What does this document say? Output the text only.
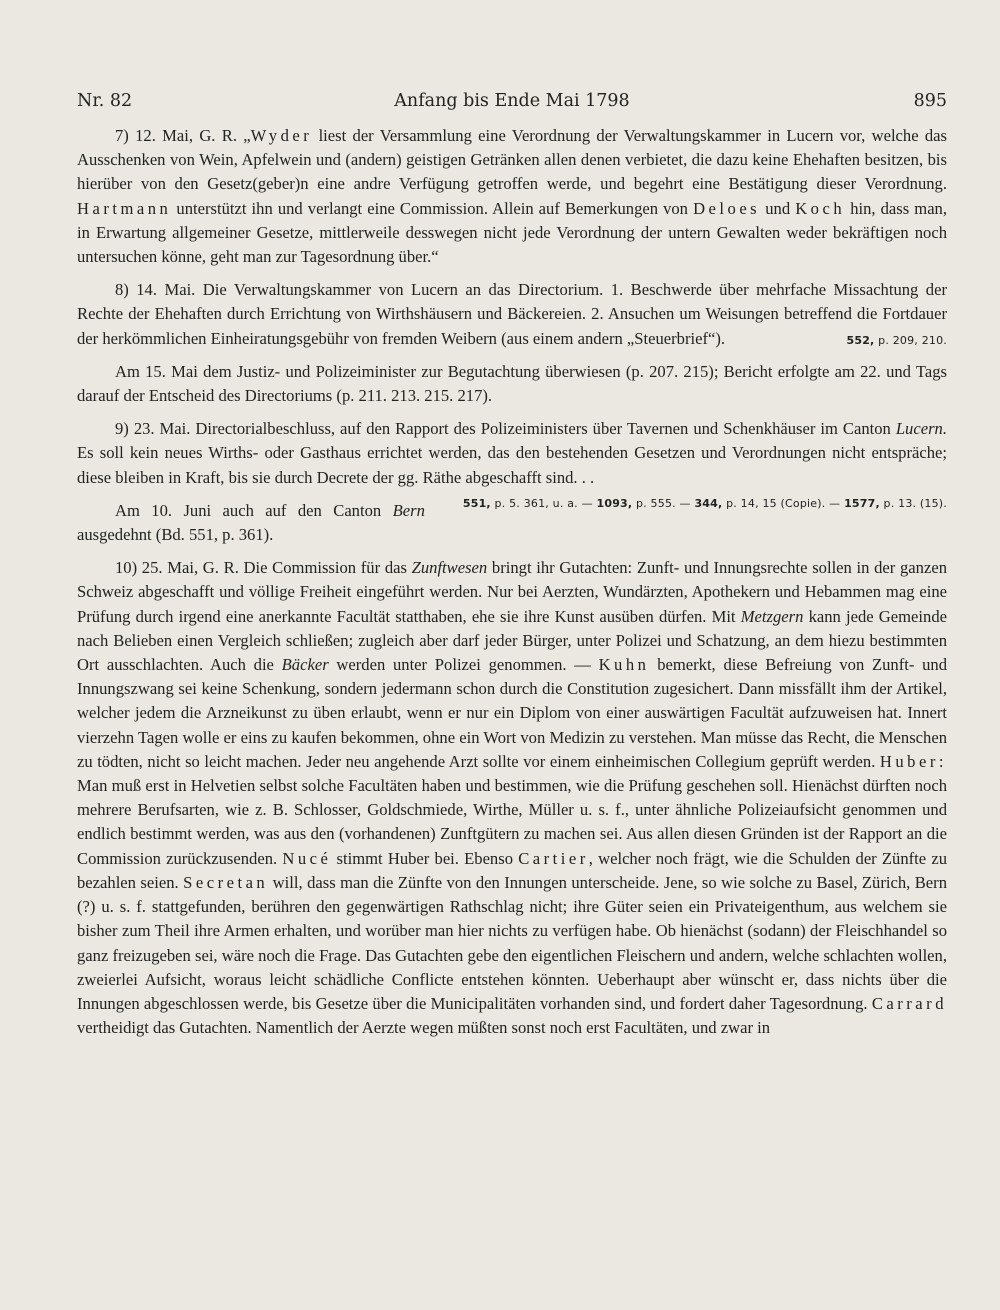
Nr. 82	Anfang bis Ende Mai 1798	895

7) 12. Mai, G. R. „Wyder liest der Versammlung eine Verordnung der Verwaltungskammer in Lucern vor, welche das Ausschenken von Wein, Apfelwein und (andern) geistigen Getränken allen denen verbietet, die dazu keine Ehehaften besitzen, bis hierüber von den Gesetz(geber)n eine andre Verfügung getroffen werde, und begehrt eine Bestätigung dieser Verordnung. Hartmann unterstützt ihn und verlangt eine Commission. Allein auf Bemerkungen von Deloes und Koch hin, dass man, in Erwartung allgemeiner Gesetze, mittlerweile desswegen nicht jede Verordnung der untern Gewalten weder bekräftigen noch untersuchen könne, geht man zur Tagesordnung über.“

8) 14. Mai. Die Verwaltungskammer von Lucern an das Directorium. 1. Beschwerde über mehrfache Missachtung der Rechte der Ehehaften durch Errichtung von Wirthshäusern und Bäckereien. 2. Ansuchen um Weisungen betreffend die Fortdauer der herkömmlichen Einheiratungsgebühr von fremden Weibern (aus einem andern „Steuerbrief“).	552, p. 209, 210.

Am 15. Mai dem Justiz- und Polizeiminister zur Begutachtung überwiesen (p. 207. 215); Bericht erfolgte am 22. und Tags darauf der Entscheid des Directoriums (p. 211. 213. 215. 217).

9) 23. Mai. Directorialbeschluss, auf den Rapport des Polizeiministers über Tavernen und Schenkhäuser im Canton Lucern. Es soll kein neues Wirths- oder Gasthaus errichtet werden, das den bestehenden Gesetzen und Verordnungen nicht entspräche; diese bleiben in Kraft, bis sie durch Decrete der gg. Räthe abgeschafft sind. . .
551, p. 5. 361, u. a. — 1093, p. 555. — 344, p. 14, 15 (Copie). — 1577, p. 13. (15).

Am 10. Juni auch auf den Canton Bern ausgedehnt (Bd. 551, p. 361).

10) 25. Mai, G. R. Die Commission für das Zunftwesen bringt ihr Gutachten: Zunft- und Innungsrechte sollen in der ganzen Schweiz abgeschafft und völlige Freiheit eingeführt werden. Nur bei Aerzten, Wundärzten, Apothekern und Hebammen mag eine Prüfung durch irgend eine anerkannte Facultät statthaben, ehe sie ihre Kunst ausüben dürfen. Mit Metzgern kann jede Gemeinde nach Belieben einen Vergleich schließen; zugleich aber darf jeder Bürger, unter Polizei und Schatzung, an dem hiezu bestimmten Ort ausschlachten. Auch die Bäcker werden unter Polizei genommen. — Kuhn bemerkt, diese Befreiung von Zunft- und Innungszwang sei keine Schenkung, sondern jedermann schon durch die Constitution zugesichert. Dann missfällt ihm der Artikel, welcher jedem die Arzneikunst zu üben erlaubt, wenn er nur ein Diplom von einer auswärtigen Facultät aufzuweisen hat. Innert vierzehn Tagen wolle er eins zu kaufen bekommen, ohne ein Wort von Medizin zu verstehen. Man müsse das Recht, die Menschen zu tödten, nicht so leicht machen. Jeder neu angehende Arzt sollte vor einem einheimischen Collegium geprüft werden. Huber: Man muß erst in Helvetien selbst solche Facultäten haben und bestimmen, wie die Prüfung geschehen soll. Hienächst dürften noch mehrere Berufsarten, wie z. B. Schlosser, Goldschmiede, Wirthe, Müller u. s. f., unter ähnliche Polizeiaufsicht genommen und endlich bestimmt werden, was aus den (vorhandenen) Zunftgütern zu machen sei. Aus allen diesen Gründen ist der Rapport an die Commission zurückzusenden. Nucé stimmt Huber bei. Ebenso Cartier, welcher noch frägt, wie die Schulden der Zünfte zu bezahlen seien. Secretan will, dass man die Zünfte von den Innungen unterscheide. Jene, so wie solche zu Basel, Zürich, Bern (?) u. s. f. stattgefunden, berühren den gegenwärtigen Rathschlag nicht; ihre Güter seien ein Privateigenthum, aus welchem sie bisher zum Theil ihre Armen erhalten, und worüber man hier nichts zu verfügen habe. Ob hienächst (sodann) der Fleischhandel so ganz freizugeben sei, wäre noch die Frage. Das Gutachten gebe den eigentlichen Fleischern und andern, welche schlachten wollen, zweierlei Aufsicht, woraus leicht schädliche Conflicte entstehen könnten. Ueberhaupt aber wünscht er, dass nichts über die Innungen abgeschlossen werde, bis Gesetze über die Municipalitäten vorhanden sind, und fordert daher Tagesordnung. Carrard vertheidigt das Gutachten. Namentlich der Aerzte wegen müßten sonst noch erst Facultäten, und zwar in
